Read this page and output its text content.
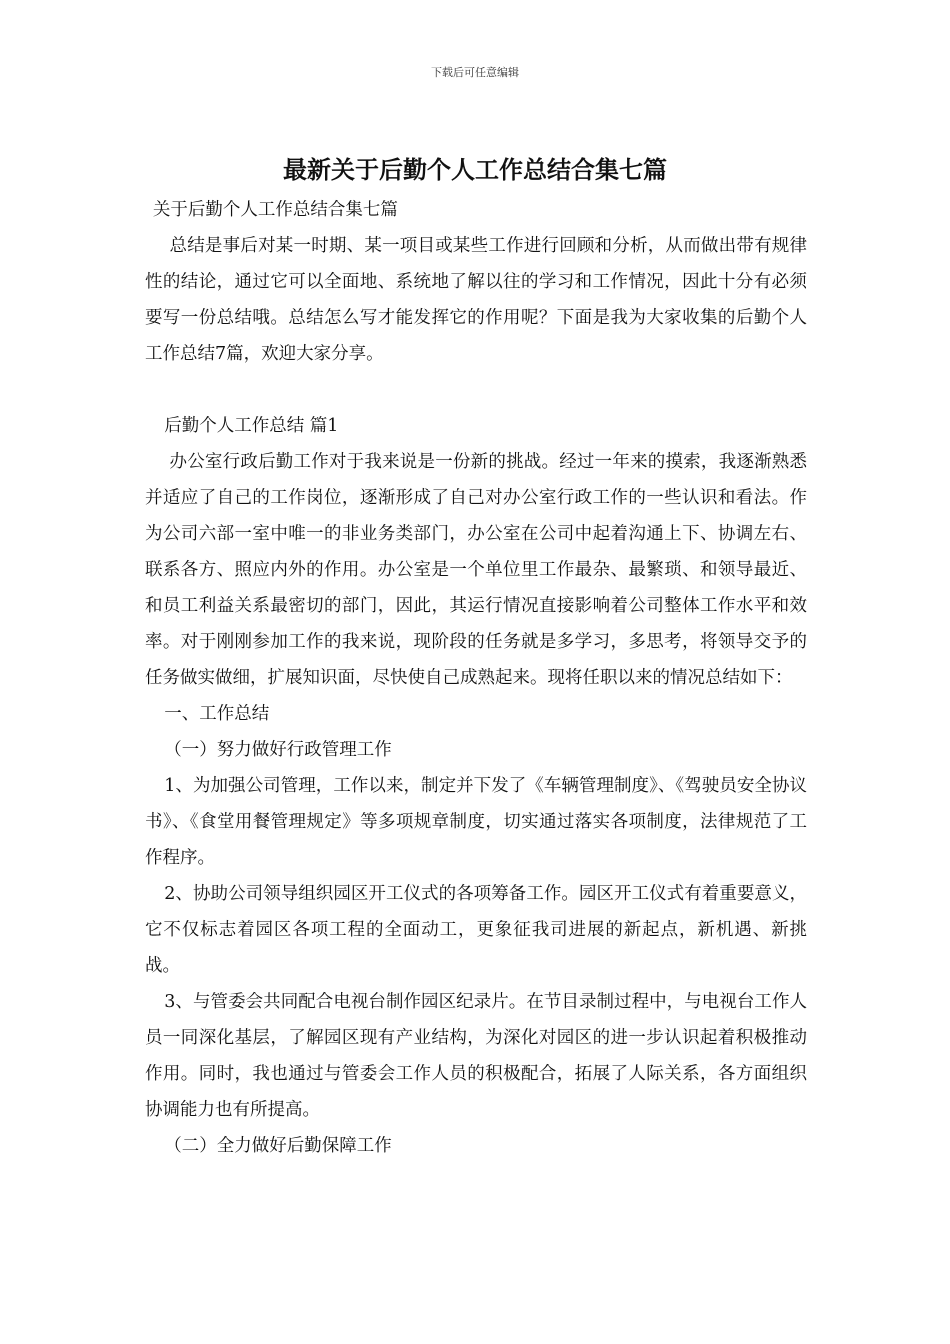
下载后可任意编辑
最新关于后勤个人工作总结合集七篇

关于后勤个人工作总结合集七篇

总结是事后对某一时期、某一项目或某些工作进行回顾和分析，从而做出带有规律性的结论，通过它可以全面地、系统地了解以往的学习和工作情况，因此十分有必须要写一份总结哦。总结怎么写才能发挥它的作用呢？下面是我为大家收集的后勤个人工作总结7篇，欢迎大家分享。

后勤个人工作总结 篇1

办公室行政后勤工作对于我来说是一份新的挑战。经过一年来的摸索，我逐渐熟悉并适应了自己的工作岗位，逐渐形成了自己对办公室行政工作的一些认识和看法。作为公司六部一室中唯一的非业务类部门，办公室在公司中起着沟通上下、协调左右、联系各方、照应内外的作用。办公室是一个单位里工作最杂、最繁琐、和领导最近、和员工利益关系最密切的部门，因此，其运行情况直接影响着公司整体工作水平和效率。对于刚刚参加工作的我来说，现阶段的任务就是多学习，多思考，将领导交予的任务做实做细，扩展知识面，尽快使自己成熟起来。现将任职以来的情况总结如下：

一、工作总结

（一）努力做好行政管理工作

1、为加强公司管理，工作以来，制定并下发了《车辆管理制度》、《驾驶员安全协议书》、《食堂用餐管理规定》等多项规章制度，切实通过落实各项制度，法律规范了工作程序。

2、协助公司领导组织园区开工仪式的各项筹备工作。园区开工仪式有着重要意义，它不仅标志着园区各项工程的全面动工，更象征我司进展的新起点，新机遇、新挑战。

3、与管委会共同配合电视台制作园区纪录片。在节目录制过程中，与电视台工作人员一同深化基层，了解园区现有产业结构，为深化对园区的进一步认识起着积极推动作用。同时，我也通过与管委会工作人员的积极配合，拓展了人际关系，各方面组织协调能力也有所提高。

（二）全力做好后勤保障工作
